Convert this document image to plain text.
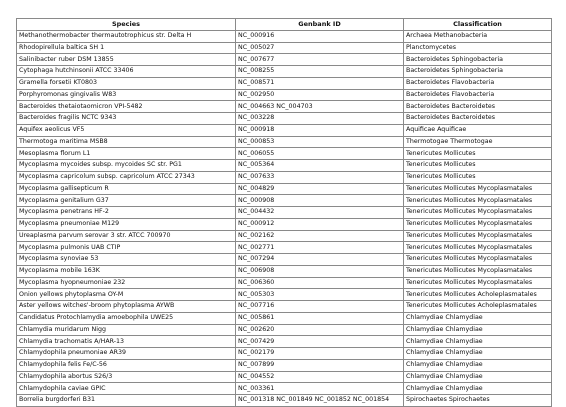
Species	Genbank ID	Classification
Methanothermobacter thermautotrophicus str. Delta H	NC_000916	Archaea Methanobacteria
Rhodopirellula baltica SH 1	NC_005027	Planctomycetes
Salinibacter ruber DSM 13855	NC_007677	Bacteroidetes Sphingobacteria
Cytophaga hutchinsonii ATCC 33406	NC_008255	Bacteroidetes Sphingobacteria
Gramella forsetii KT0803	NC_008571	Bacteroidetes Flavobacteria
Porphyromonas gingivalis W83	NC_002950	Bacteroidetes Flavobacteria
Bacteroides thetaiotaomicron VPI-5482	NC_004663 NC_004703	Bacteroidetes Bacteroidetes
Bacteroides fragilis NCTC 9343	NC_003228	Bacteroidetes Bacteroidetes
Aquifex aeolicus VF5	NC_000918	Aquificae Aquificae
Thermotoga maritima MSB8	NC_000853	Thermotogae Thermotogae
Mesoplasma florum L1	NC_006055	Tenericutes Mollicutes
Mycoplasma mycoides subsp. mycoides SC str. PG1	NC_005364	Tenericutes Mollicutes
Mycoplasma capricolum subsp. capricolum ATCC 27343	NC_007633	Tenericutes Mollicutes
Mycoplasma gallisepticum R	NC_004829	Tenericutes Mollicutes Mycoplasmatales
Mycoplasma genitalium G37	NC_000908	Tenericutes Mollicutes Mycoplasmatales
Mycoplasma penetrans HF-2	NC_004432	Tenericutes Mollicutes Mycoplasmatales
Mycoplasma pneumoniae M129	NC_000912	Tenericutes Mollicutes Mycoplasmatales
Ureaplasma parvum serovar 3 str. ATCC 700970	NC_002162	Tenericutes Mollicutes Mycoplasmatales
Mycoplasma pulmonis UAB CTIP	NC_002771	Tenericutes Mollicutes Mycoplasmatales
Mycoplasma synoviae 53	NC_007294	Tenericutes Mollicutes Mycoplasmatales
Mycoplasma mobile 163K	NC_006908	Tenericutes Mollicutes Mycoplasmatales
Mycoplasma hyopneumoniae 232	NC_006360	Tenericutes Mollicutes Mycoplasmatales
Onion yellows phytoplasma OY-M	NC_005303	Tenericutes Mollicutes Acholeplasmatales
Aster yellows witches'-broom phytoplasma AYWB	NC_007716	Tenericutes Mollicutes Acholeplasmatales
Candidatus Protochlamydia amoebophila UWE25	NC_005861	Chlamydiae Chlamydiae
Chlamydia muridarum Nigg	NC_002620	Chlamydiae Chlamydiae
Chlamydia trachomatis A/HAR-13	NC_007429	Chlamydiae Chlamydiae
Chlamydophila pneumoniae AR39	NC_002179	Chlamydiae Chlamydiae
Chlamydophila felis Fe/C-56	NC_007899	Chlamydiae Chlamydiae
Chlamydophila abortus S26/3	NC_004552	Chlamydiae Chlamydiae
Chlamydophila caviae GPIC	NC_003361	Chlamydiae Chlamydiae
Borrelia burgdorferi B31	NC_001318 NC_001849 NC_001852 NC_001854	Spirochaetes Spirochaetes
